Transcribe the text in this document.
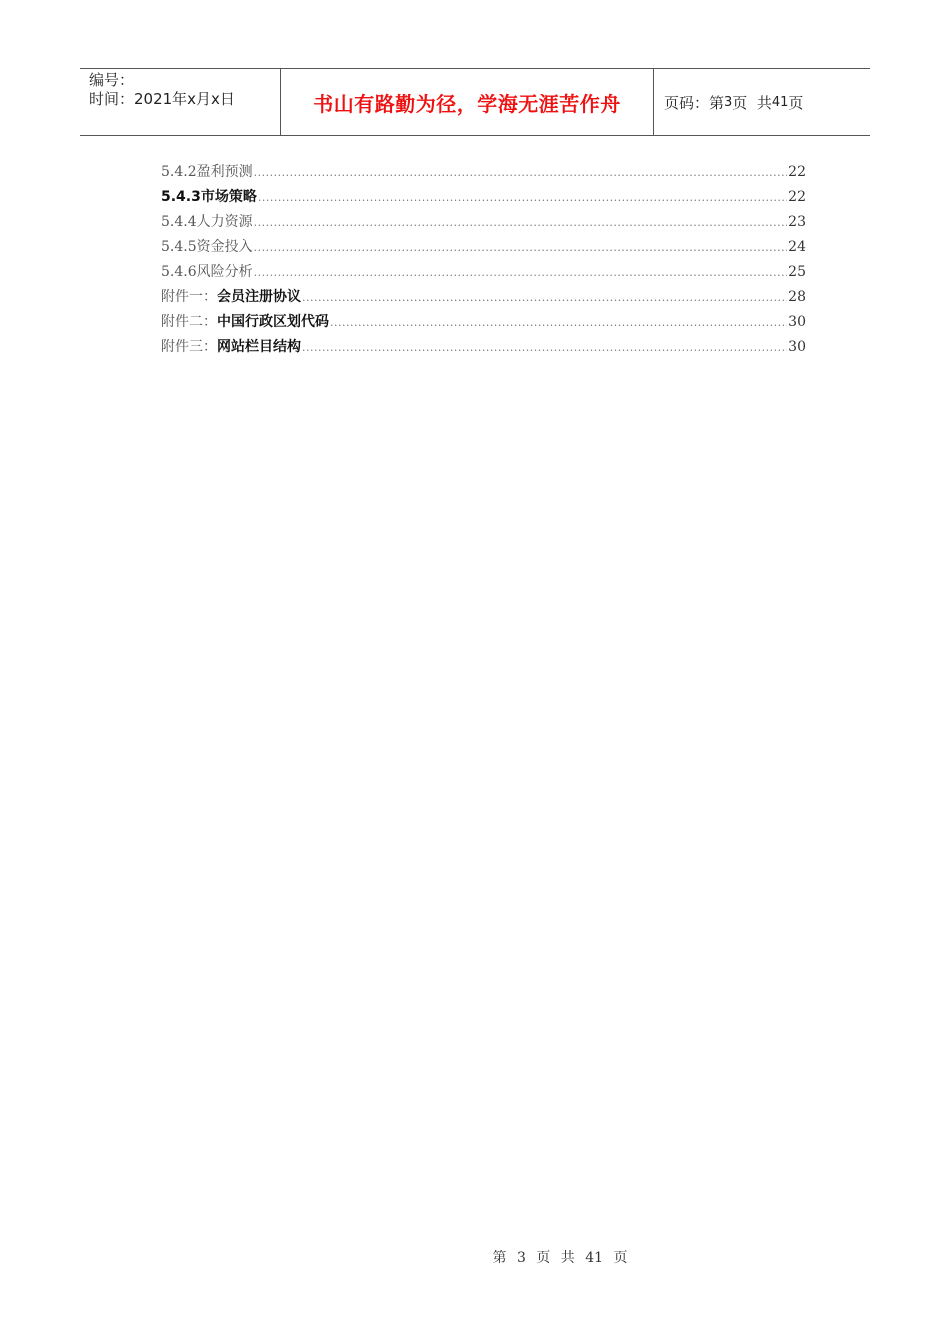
编号：
时间：2021年x月x日	书山有路勤为径，学海无涯苦作舟	页码：第 3 页  共 41 页
5.4.2盈利预测 .....	22
5.4.3市场策略 .....	22
5.4.4人力资源 .....	23
5.4.5资金投入 .....	24
5.4.6风险分析 .....	25
附件一：会员注册协议 .....	28
附件二：中国行政区划代码 .....	30
附件三：网站栏目结构 .....	30
第 3 页 共 41 页
